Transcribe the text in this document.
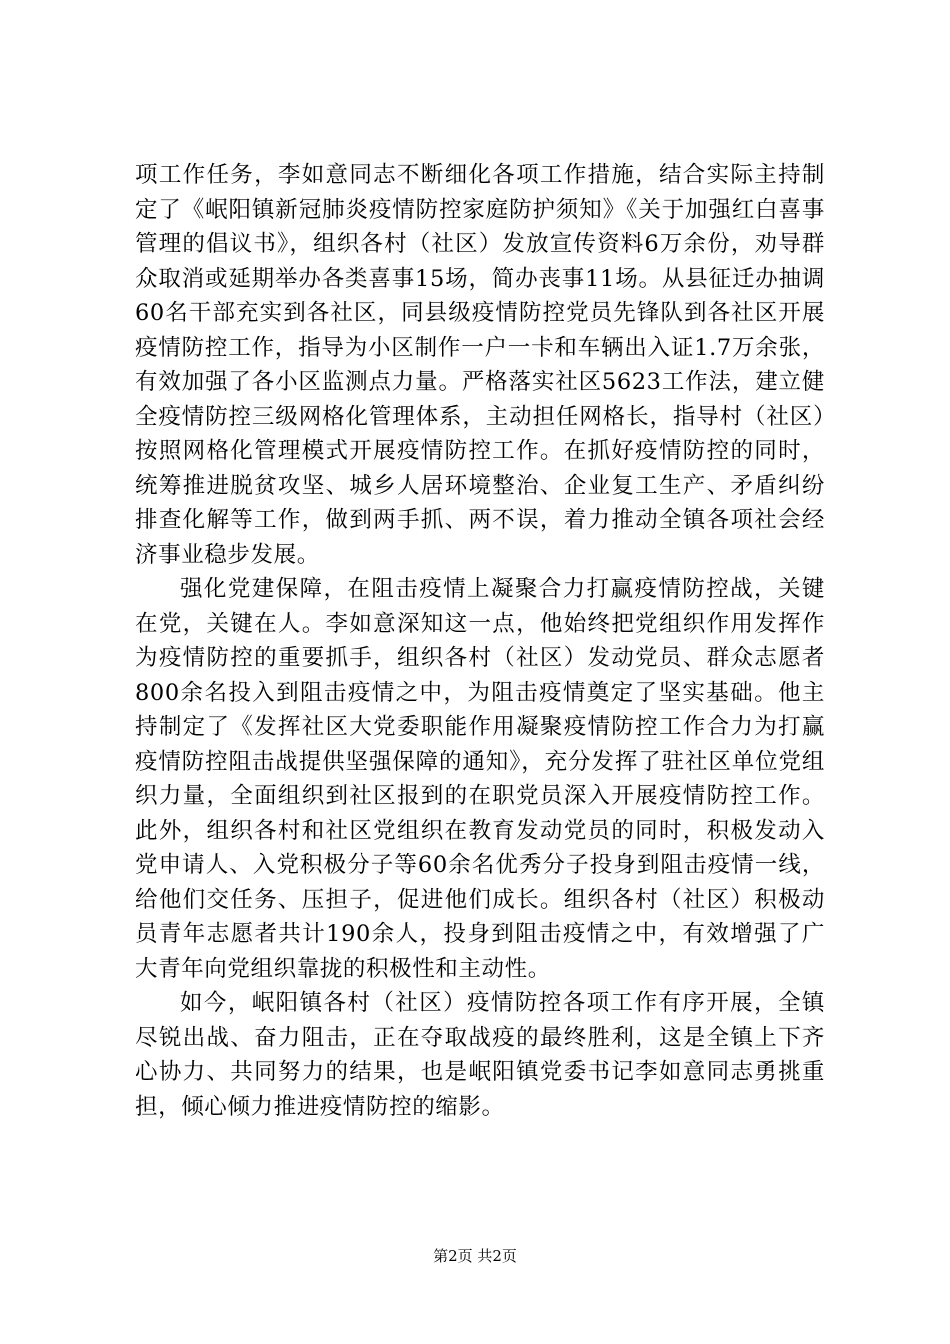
项工作任务，李如意同志不断细化各项工作措施，结合实际主持制定了《岷阳镇新冠肺炎疫情防控家庭防护须知》《关于加强红白喜事管理的倡议书》，组织各村（社区）发放宣传资料6万余份，劝导群众取消或延期举办各类喜事15场，简办丧事11场。从县征迁办抽调60名干部充实到各社区，同县级疫情防控党员先锋队到各社区开展疫情防控工作，指导为小区制作一户一卡和车辆出入证1.7万余张，有效加强了各小区监测点力量。严格落实社区5623工作法，建立健全疫情防控三级网格化管理体系，主动担任网格长，指导村（社区）按照网格化管理模式开展疫情防控工作。在抓好疫情防控的同时，统筹推进脱贫攻坚、城乡人居环境整治、企业复工生产、矛盾纠纷排查化解等工作，做到两手抓、两不误，着力推动全镇各项社会经济事业稳步发展。

强化党建保障，在阻击疫情上凝聚合力打赢疫情防控战，关键在党，关键在人。李如意深知这一点，他始终把党组织作用发挥作为疫情防控的重要抓手，组织各村（社区）发动党员、群众志愿者800余名投入到阻击疫情之中，为阻击疫情奠定了坚实基础。他主持制定了《发挥社区大党委职能作用凝聚疫情防控工作合力为打赢疫情防控阻击战提供坚强保障的通知》，充分发挥了驻社区单位党组织力量，全面组织到社区报到的在职党员深入开展疫情防控工作。此外，组织各村和社区党组织在教育发动党员的同时，积极发动入党申请人、入党积极分子等60余名优秀分子投身到阻击疫情一线，给他们交任务、压担子，促进他们成长。组织各村（社区）积极动员青年志愿者共计190余人，投身到阻击疫情之中，有效增强了广大青年向党组织靠拢的积极性和主动性。

如今，岷阳镇各村（社区）疫情防控各项工作有序开展，全镇尽锐出战、奋力阻击，正在夺取战疫的最终胜利，这是全镇上下齐心协力、共同努力的结果，也是岷阳镇党委书记李如意同志勇挑重担，倾心倾力推进疫情防控的缩影。

第2页 共2页
